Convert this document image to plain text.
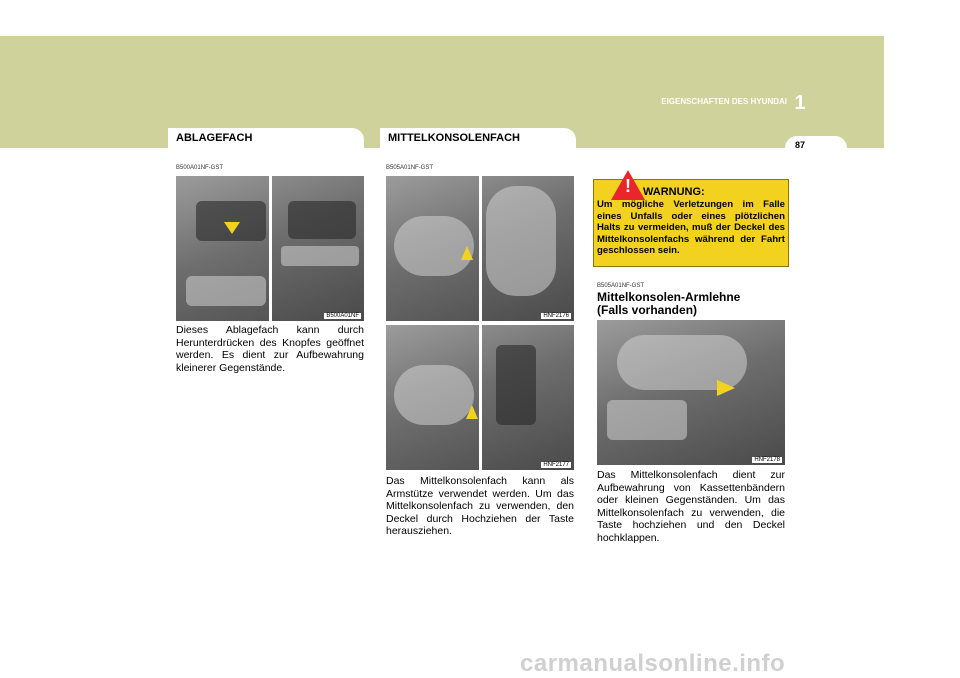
1
EIGENSCHAFTEN DES HYUNDAI
87
ABLAGEFACH
B500A01NF-GST
B500A01NF
Dieses Ablagefach kann durch Herunterdrücken des Knopfes geöffnet werden. Es dient zur Aufbewahrung kleinerer Gegenstände.
MITTELKONSOLENFACH
B505A01NF-GST
HNF2176
HNF2177
Das Mittelkonsolenfach kann als Armstütze verwendet werden. Um das Mittelkonsolenfach zu verwenden, den Deckel durch Hochziehen der Taste herausziehen.
!	WARNUNG:
Um mögliche Verletzungen im Falle eines Unfalls oder eines plötzlichen Halts zu vermeiden, muß der Deckel des Mittelkonsolenfachs während der Fahrt geschlossen sein.
B505A01NF-GST
Mittelkonsolen-Armlehne
(Falls vorhanden)
HNF2178
Das Mittelkonsolenfach dient zur Aufbewahrung von Kassettenbändern oder kleinen Gegenständen. Um das Mittelkonsolenfach zu verwenden, die Taste hochziehen und den Deckel hochklappen.
carmanualsonline.info
